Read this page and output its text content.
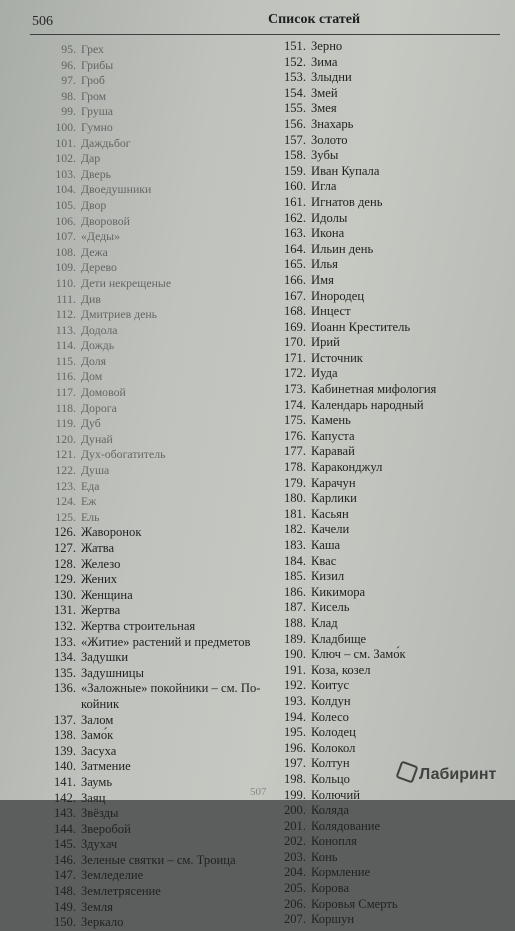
506	Список статей
95. Грех
96. Грибы
97. Гроб
98. Гром
99. Груша
100. Гумно
101. Даждьбог
102. Дар
103. Дверь
104. Двоедушники
105. Двор
106. Дворовой
107. «Деды»
108. Дежа
109. Дерево
110. Дети некрещеные
111. Див
112. Дмитриев день
113. Додола
114. Дождь
115. Доля
116. Дом
117. Домовой
118. Дорога
119. Дуб
120. Дунай
121. Дух-обогатитель
122. Душа
123. Еда
124. Еж
125. Ель
126. Жаворонок
127. Жатва
128. Железо
129. Жених
130. Женщина
131. Жертва
132. Жертва строительная
133. «Житие» растений и предметов
134. Задушки
135. Задушницы
136. «Заложные» покойники – см. По-
койник
137. Залом
138. Замо́к
139. Засуха
140. Затмение
141. Заумь
142. Заяц
143. Звёзды
144. Зверобой
145. Здухач
146. Зеленые святки – см. Троица
147. Земледелие
148. Землетрясение
149. Земля
150. Зеркало
151. Зерно
152. Зима
153. Злыдни
154. Змей
155. Змея
156. Знахарь
157. Золото
158. Зубы
159. Иван Купала
160. Игла
161. Игнатов день
162. Идолы
163. Икона
164. Ильин день
165. Илья
166. Имя
167. Инородец
168. Инцест
169. Иоанн Креститель
170. Ирий
171. Источник
172. Иуда
173. Кабинетная мифология
174. Календарь народный
175. Камень
176. Капуста
177. Каравай
178. Караконджул
179. Карачун
180. Карлики
181. Касьян
182. Качели
183. Каша
184. Квас
185. Кизил
186. Кикимора
187. Кисель
188. Клад
189. Кладбище
190. Ключ – см. Замо́к
191. Коза, козел
192. Коитус
193. Колдун
194. Колесо
195. Колодец
196. Колокол
197. Колтун
198. Кольцо
199. Колючий
200. Коляда
201. Колядование
202. Конопля
203. Конь
204. Кормление
205. Корова
206. Коровья Смерть
207. Коршун
Лабиринт
507
